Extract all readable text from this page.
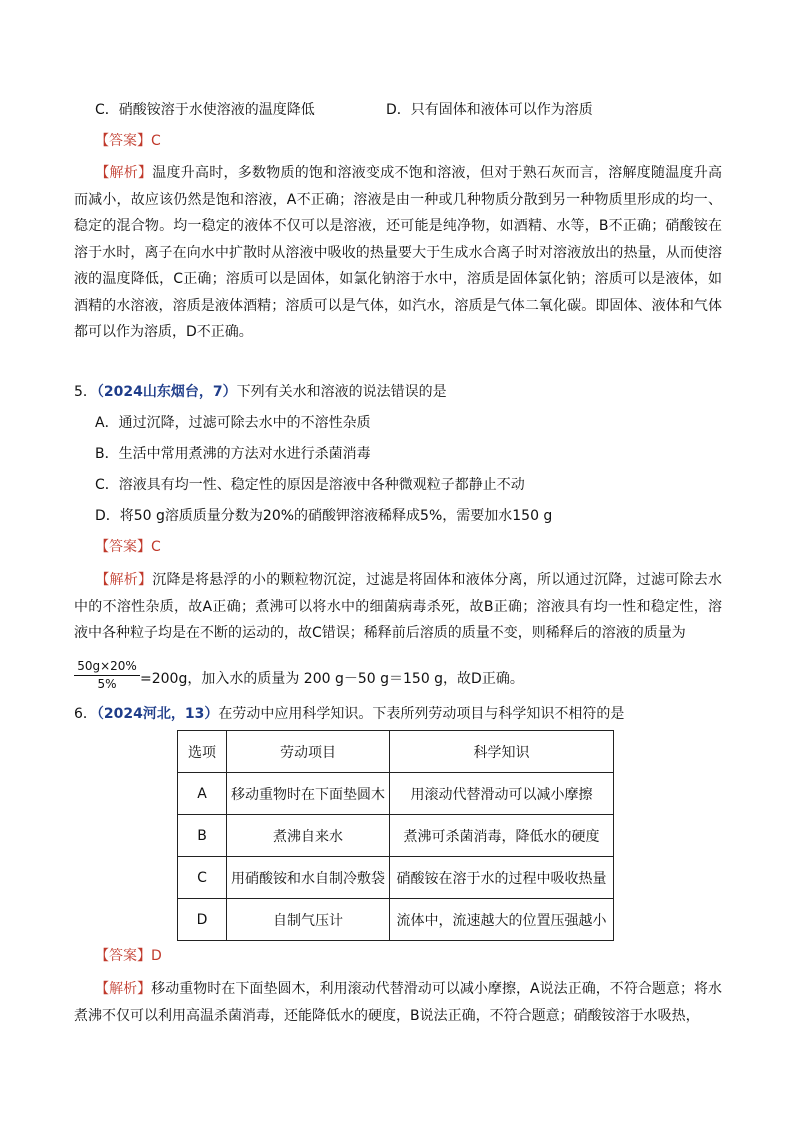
C．硝酸铵溶于水使溶液的温度降低	D．只有固体和液体可以作为溶质
【答案】C
【解析】温度升高时，多数物质的饱和溶液变成不饱和溶液，但对于熟石灰而言，溶解度随温度升高而减小，故应该仍然是饱和溶液，A不正确；溶液是由一种或几种物质分散到另一种物质里形成的均一、稳定的混合物。均一稳定的液体不仅可以是溶液，还可能是纯净物，如酒精、水等，B不正确；硝酸铵在溶于水时，离子在向水中扩散时从溶液中吸收的热量要大于生成水合离子时对溶液放出的热量，从而使溶液的温度降低，C正确；溶质可以是固体，如氯化钠溶于水中，溶质是固体氯化钠；溶质可以是液体，如酒精的水溶液，溶质是液体酒精；溶质可以是气体，如汽水，溶质是气体二氧化碳。即固体、液体和气体都可以作为溶质，D不正确。
5．（2024山东烟台，7）下列有关水和溶液的说法错误的是
A．通过沉降，过滤可除去水中的不溶性杂质
B．生活中常用煮沸的方法对水进行杀菌消毒
C．溶液具有均一性、稳定性的原因是溶液中各种微观粒子都静止不动
D．将50 g溶质质量分数为20%的硝酸钾溶液稀释成5%，需要加水150 g
【答案】C
【解析】沉降是将悬浮的小的颗粒物沉淀，过滤是将固体和液体分离，所以通过沉降，过滤可除去水中的不溶性杂质，故A正确；煮沸可以将水中的细菌病毒杀死，故B正确；溶液具有均一性和稳定性，溶液中各种粒子均是在不断的运动的，故C错误；稀释前后溶质的质量不变，则稀释后的溶液的质量为
$\frac{50g\times 20\%}{5\%} =200g$，加入水的质量为 200 g－50 g＝150 g，故D正确。
6．（2024河北，13）在劳动中应用科学知识。下表所列劳动项目与科学知识不相符的是
选项	劳动项目	科学知识
A	移动重物时在下面垫圆木	用滚动代替滑动可以减小摩擦
B	煮沸自来水	煮沸可杀菌消毒，降低水的硬度
C	用硝酸铵和水自制冷敷袋	硝酸铵在溶于水的过程中吸收热量
D	自制气压计	流体中，流速越大的位置压强越小
【答案】D
【解析】移动重物时在下面垫圆木，利用滚动代替滑动可以减小摩擦，A说法正确，不符合题意；将水煮沸不仅可以利用高温杀菌消毒，还能降低水的硬度，B说法正确，不符合题意；硝酸铵溶于水吸热，
